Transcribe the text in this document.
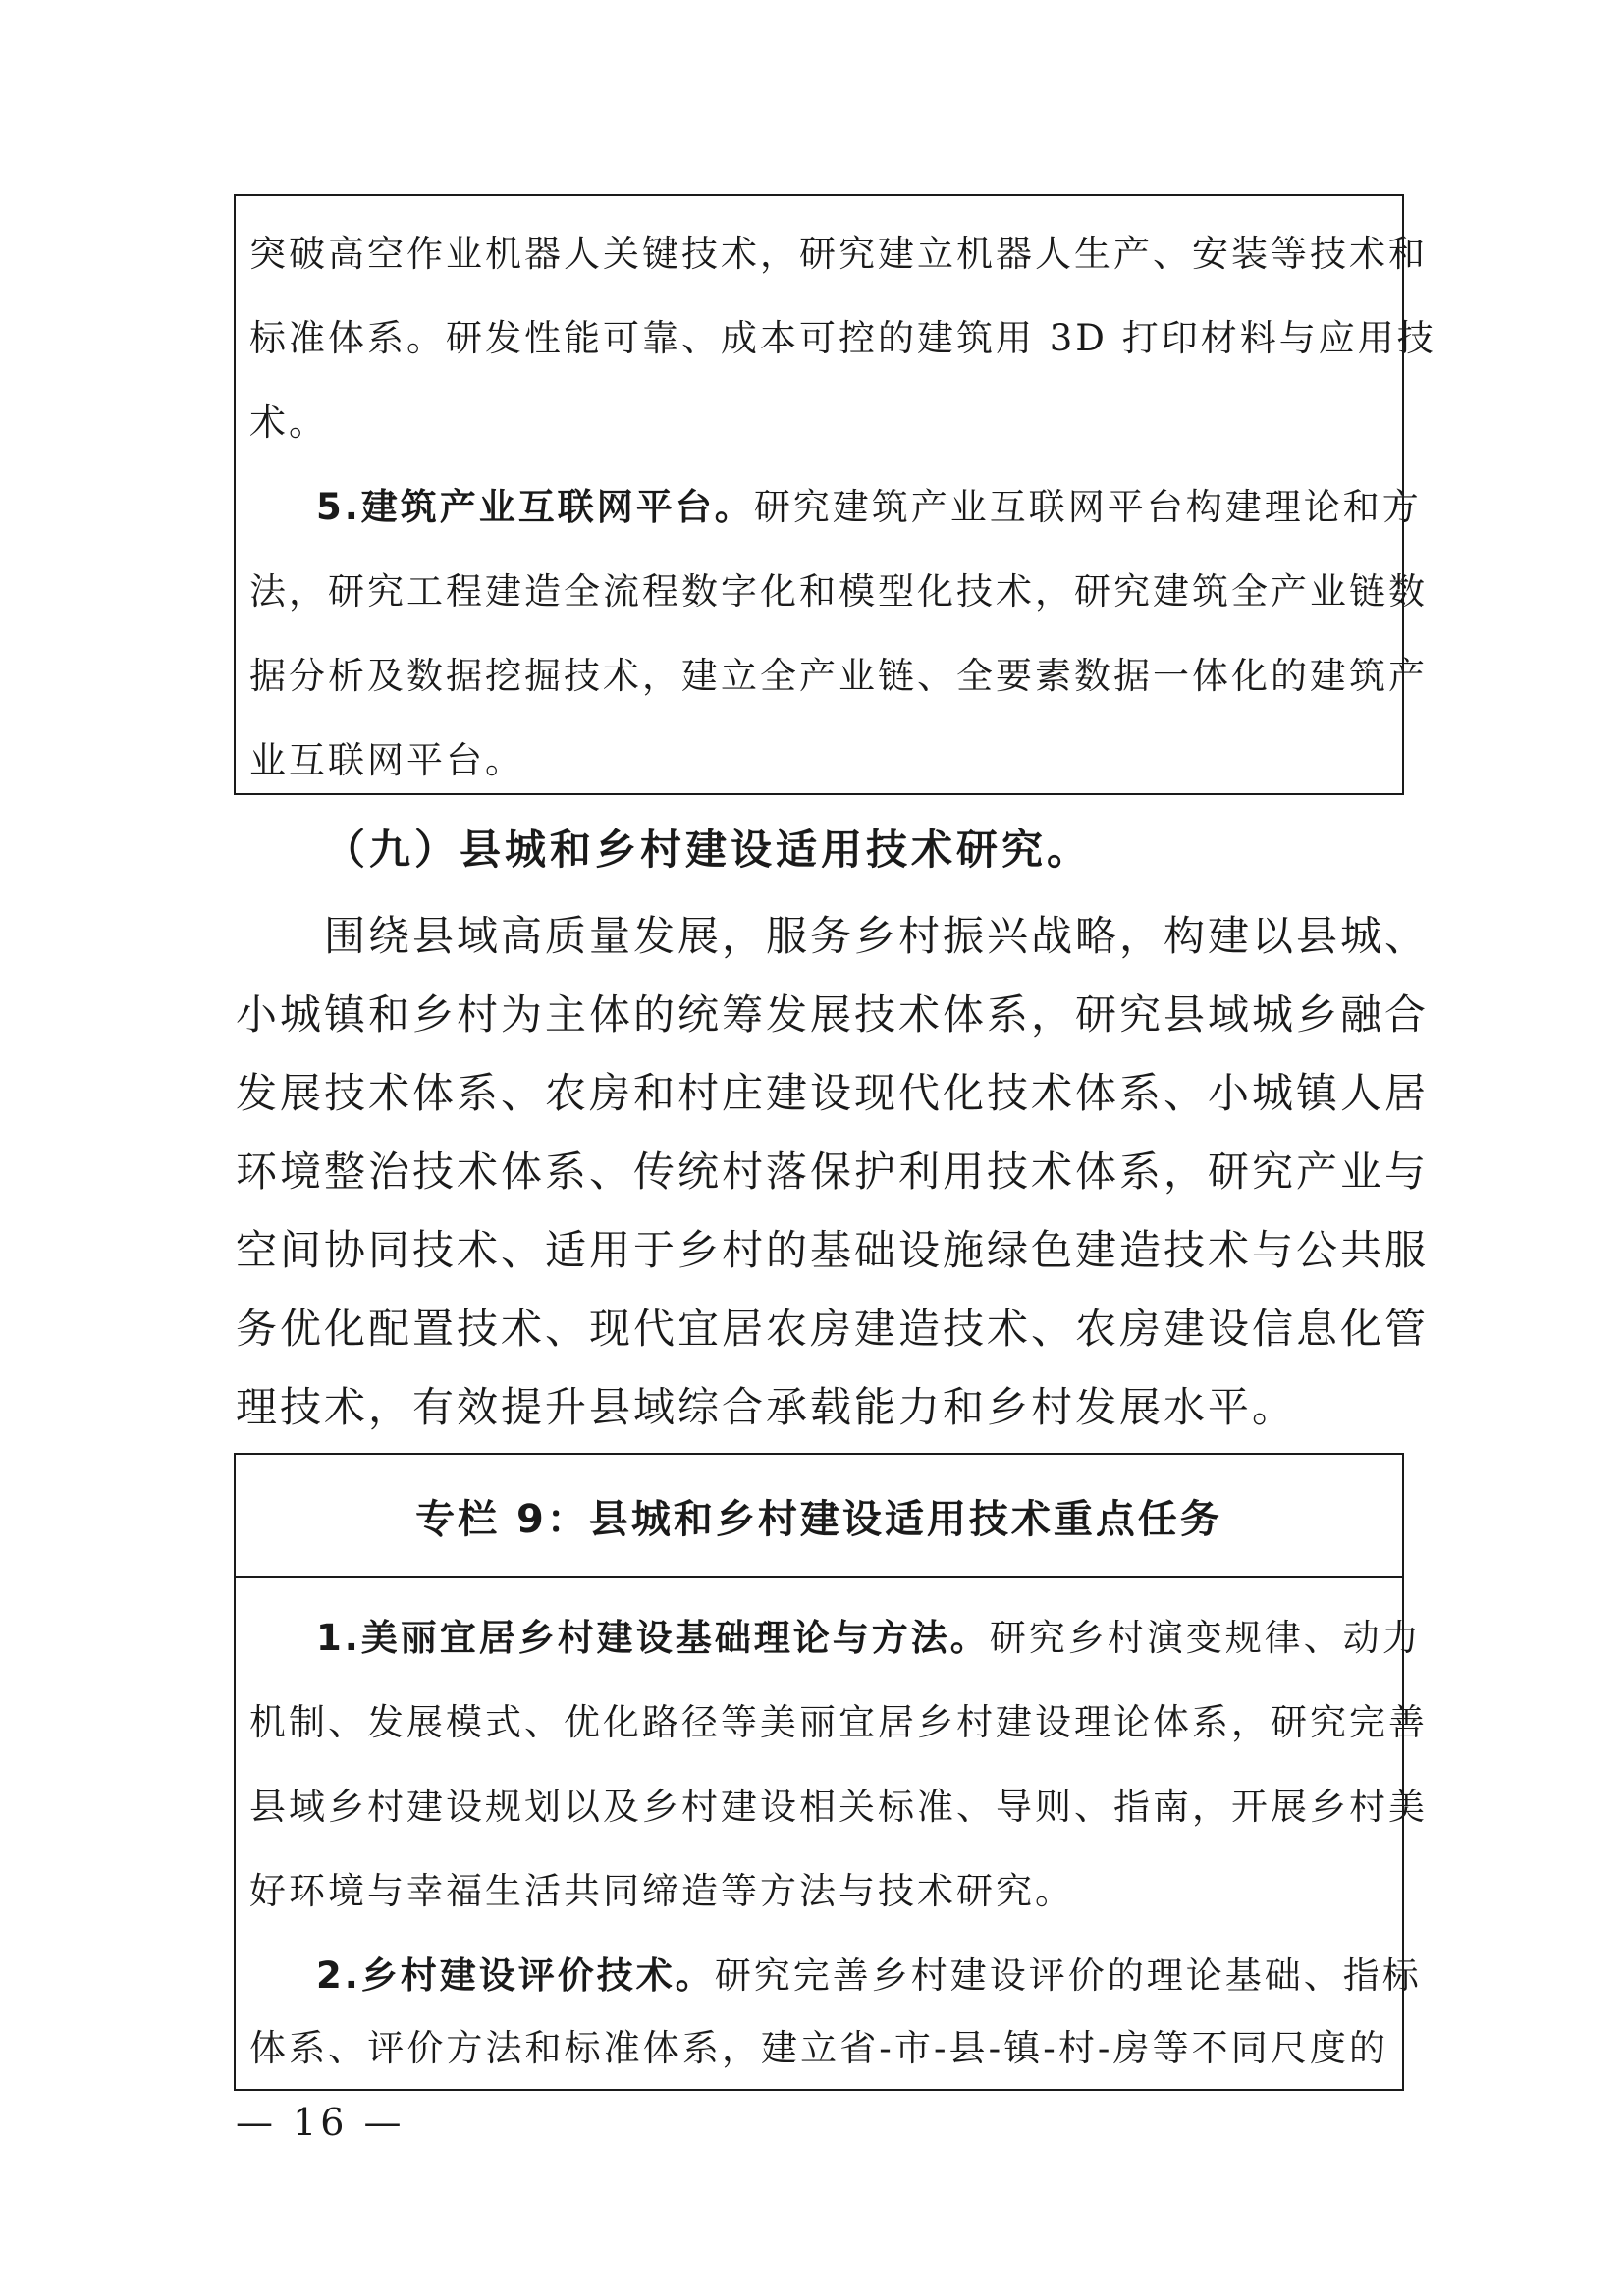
突破高空作业机器人关键技术，研究建立机器人生产、安装等技术和
标准体系。研发性能可靠、成本可控的建筑用 3D 打印材料与应用技
术。
5.建筑产业互联网平台。研究建筑产业互联网平台构建理论和方
法，研究工程建造全流程数字化和模型化技术，研究建筑全产业链数
据分析及数据挖掘技术，建立全产业链、全要素数据一体化的建筑产
业互联网平台。
（九）县城和乡村建设适用技术研究。
围绕县域高质量发展，服务乡村振兴战略，构建以县城、
小城镇和乡村为主体的统筹发展技术体系，研究县域城乡融合
发展技术体系、农房和村庄建设现代化技术体系、小城镇人居
环境整治技术体系、传统村落保护利用技术体系，研究产业与
空间协同技术、适用于乡村的基础设施绿色建造技术与公共服
务优化配置技术、现代宜居农房建造技术、农房建设信息化管
理技术，有效提升县域综合承载能力和乡村发展水平。
专栏 9：县城和乡村建设适用技术重点任务
1.美丽宜居乡村建设基础理论与方法。研究乡村演变规律、动力
机制、发展模式、优化路径等美丽宜居乡村建设理论体系，研究完善
县域乡村建设规划以及乡村建设相关标准、导则、指南，开展乡村美
好环境与幸福生活共同缔造等方法与技术研究。
2.乡村建设评价技术。研究完善乡村建设评价的理论基础、指标
体系、评价方法和标准体系，建立省-市-县-镇-村-房等不同尺度的
— 16 —
